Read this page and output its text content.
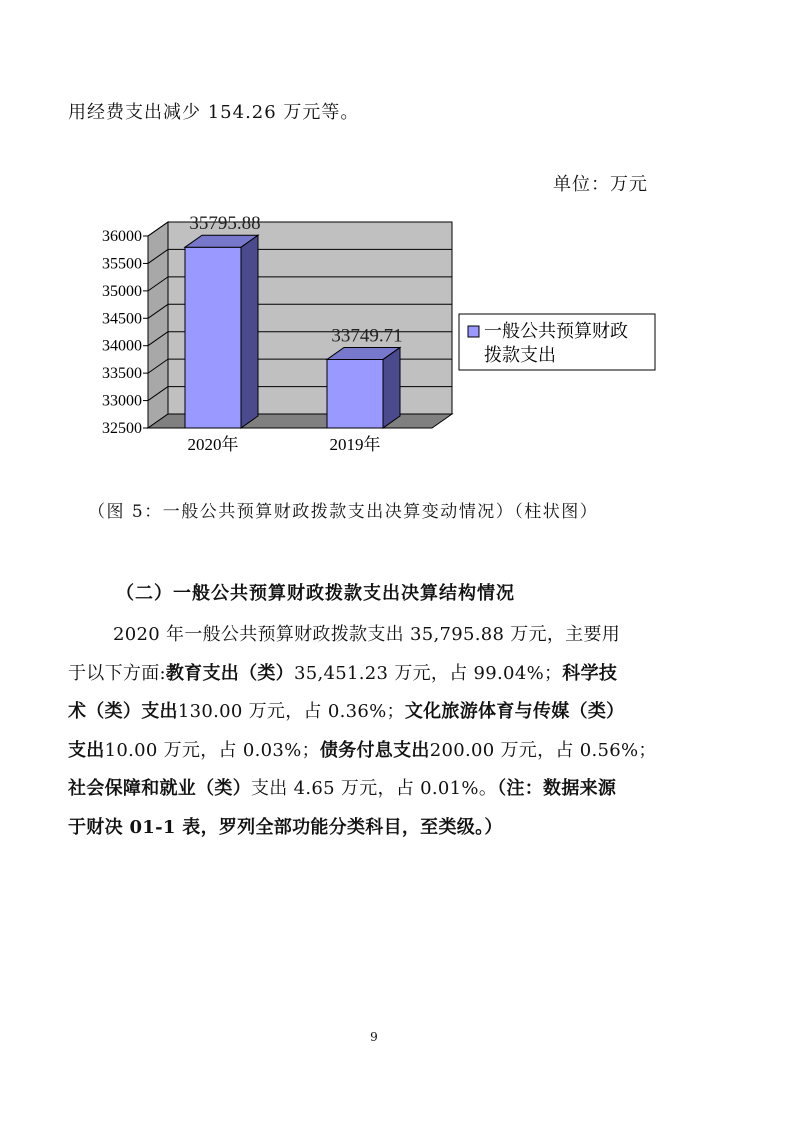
用经费支出减少 154.26 万元等。
单位：万元
32500
33000
33500
34000
34500
35000
35500
36000
35795.88
2020年
33749.71
2019年
一般公共预算财政
拨款支出
（图 5：一般公共预算财政拨款支出决算变动情况）（柱状图）
（二）一般公共预算财政拨款支出决算结构情况
2020 年一般公共预算财政拨款支出 35,795.88 万元，主要用
于以下方面:教育支出（类）35,451.23 万元，占 99.04%；科学技
术（类）支出130.00 万元，占 0.36%；文化旅游体育与传媒（类）
支出10.00 万元，占 0.03%；债务付息支出200.00 万元，占 0.56%；
社会保障和就业（类）支出 4.65 万元，占 0.01%。（注：数据来源
于财决 01-1 表，罗列全部功能分类科目，至类级。）
9
